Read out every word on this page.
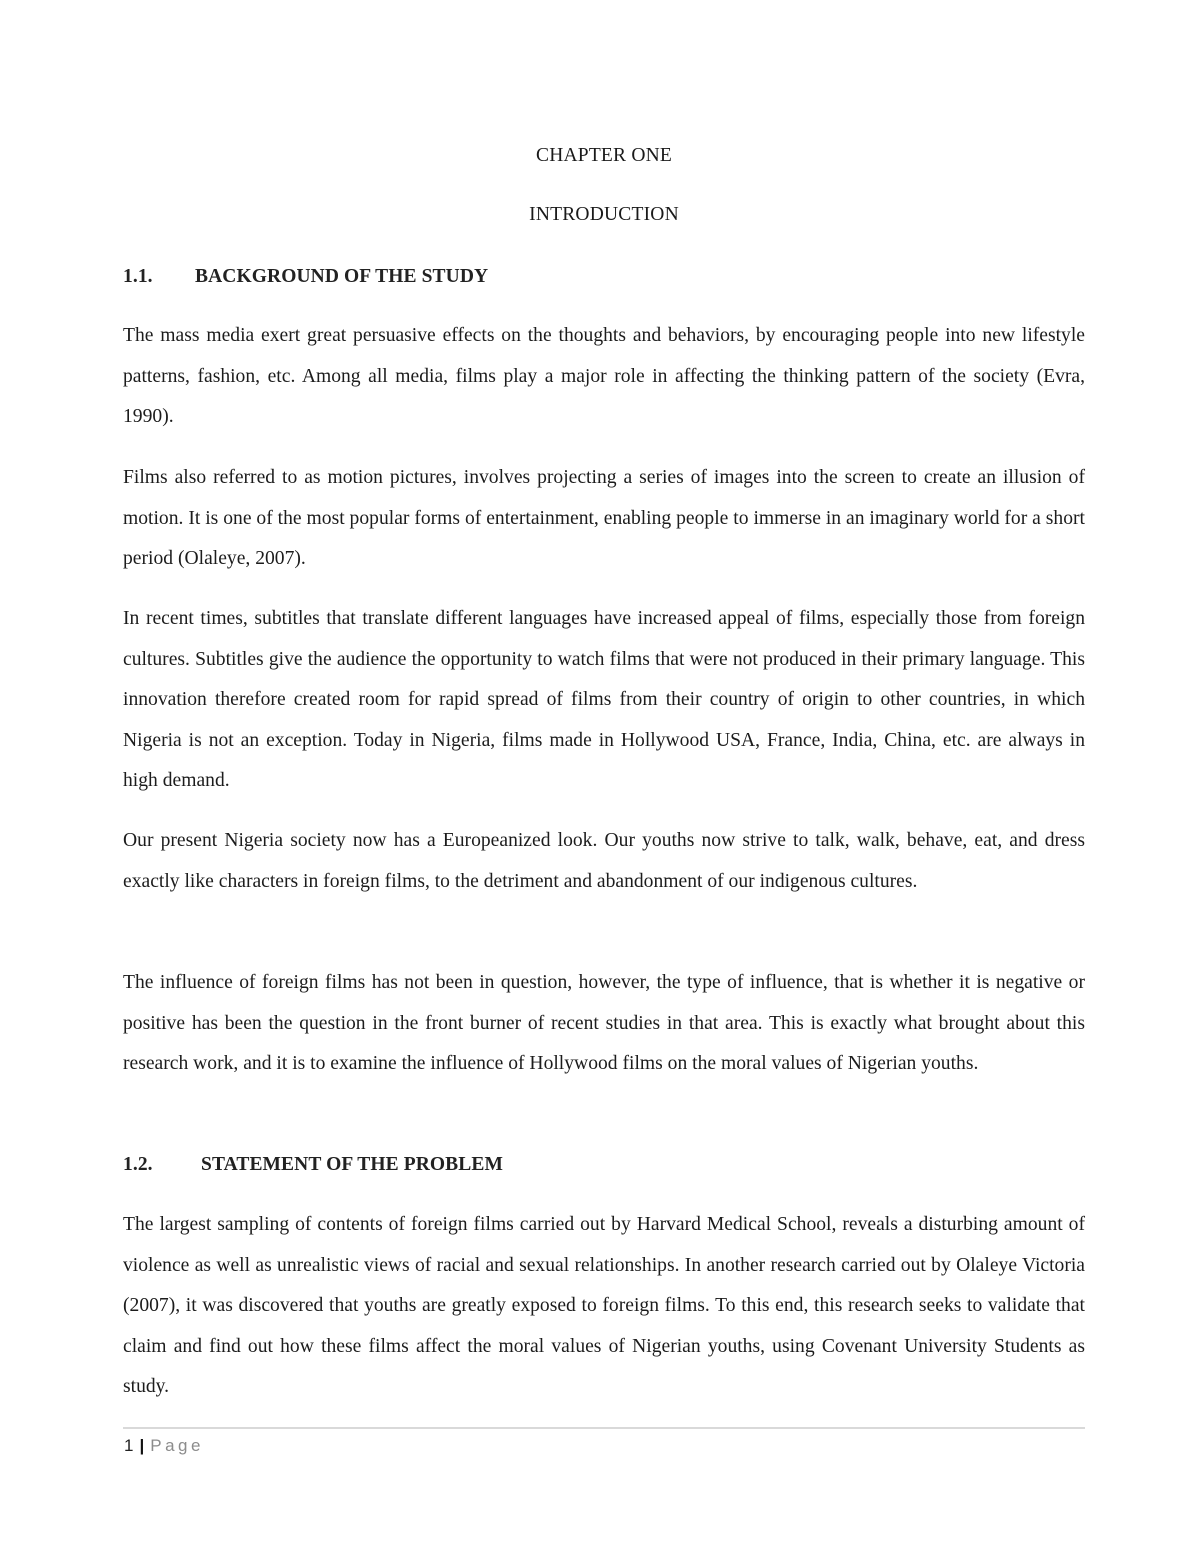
CHAPTER ONE
INTRODUCTION
1.1. BACKGROUND OF THE STUDY

The mass media exert great persuasive effects on the thoughts and behaviors, by encouraging people into new lifestyle patterns, fashion, etc. Among all media, films play a major role in affecting the thinking pattern of the society (Evra, 1990).

Films also referred to as motion pictures, involves projecting a series of images into the screen to create an illusion of motion. It is one of the most popular forms of entertainment, enabling people to immerse in an imaginary world for a short period (Olaleye, 2007).

In recent times, subtitles that translate different languages have increased appeal of films, especially those from foreign cultures. Subtitles give the audience the opportunity to watch films that were not produced in their primary language. This innovation therefore created room for rapid spread of films from their country of origin to other countries, in which Nigeria is not an exception. Today in Nigeria, films made in Hollywood USA, France, India, China, etc. are always in high demand.

Our present Nigeria society now has a Europeanized look. Our youths now strive to talk, walk, behave, eat, and dress exactly like characters in foreign films, to the detriment and abandonment of our indigenous cultures.

The influence of foreign films has not been in question, however, the type of influence, that is whether it is negative or positive has been the question in the front burner of recent studies in that area. This is exactly what brought about this research work, and it is to examine the influence of Hollywood films on the moral values of Nigerian youths.

1.2. STATEMENT OF THE PROBLEM

The largest sampling of contents of foreign films carried out by Harvard Medical School, reveals a disturbing amount of violence as well as unrealistic views of racial and sexual relationships. In another research carried out by Olaleye Victoria (2007), it was discovered that youths are greatly exposed to foreign films. To this end, this research seeks to validate that claim and find out how these films affect the moral values of Nigerian youths, using Covenant University Students as study.

1 | Page
